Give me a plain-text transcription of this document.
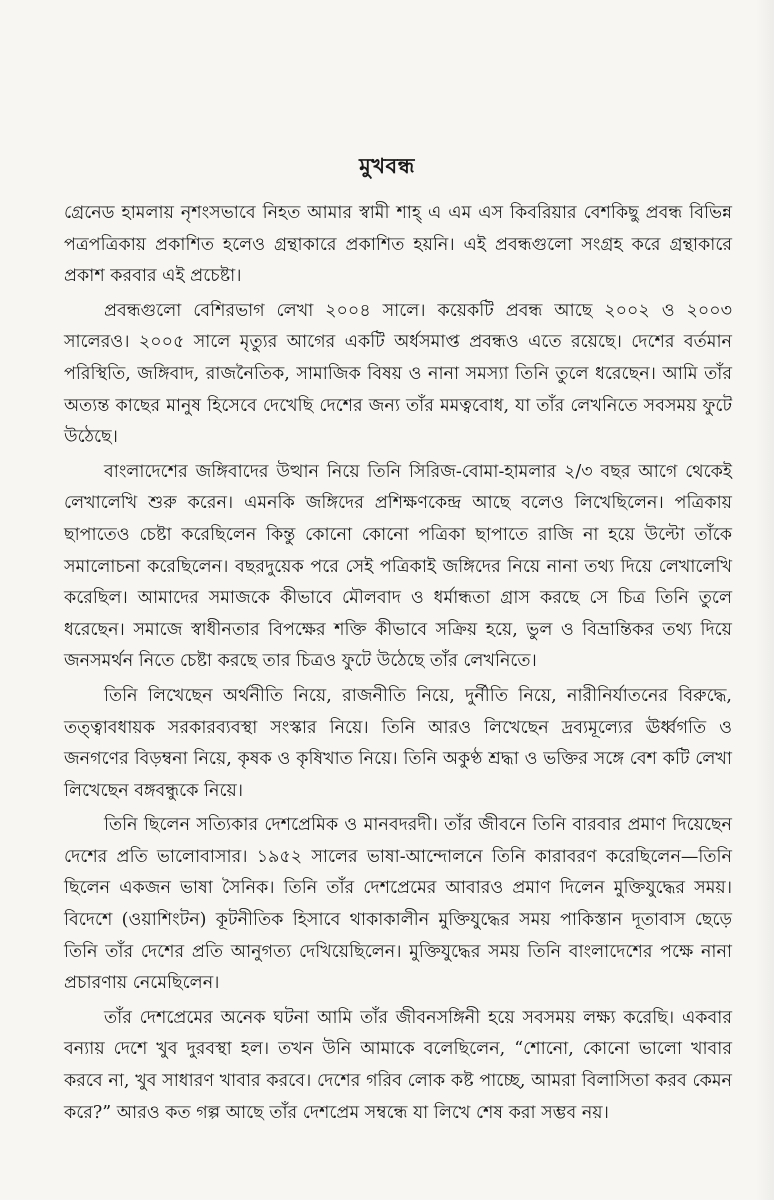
মুখবন্ধ

গ্রেনেড হামলায় নৃশংসভাবে নিহত আমার স্বামী শাহ্‌ এ এম এস কিবরিয়ার বেশকিছু প্রবন্ধ বিভিন্ন পত্রপত্রিকায় প্রকাশিত হলেও গ্রন্থাকারে প্রকাশিত হয়নি। এই প্রবন্ধগুলো সংগ্রহ করে গ্রন্থাকারে প্রকাশ করবার এই প্রচেষ্টা।

প্রবন্ধগুলো বেশিরভাগ লেখা ২০০৪ সালে। কয়েকটি প্রবন্ধ আছে ২০০২ ও ২০০৩ সালেরও। ২০০৫ সালে মৃত্যুর আগের একটি অর্ধসমাপ্ত প্রবন্ধও এতে রয়েছে। দেশের বর্তমান পরিস্থিতি, জঙ্গিবাদ, রাজনৈতিক, সামাজিক বিষয় ও নানা সমস্যা তিনি তুলে ধরেছেন। আমি তাঁর অত্যন্ত কাছের মানুষ হিসেবে দেখেছি দেশের জন্য তাঁর মমত্ববোধ, যা তাঁর লেখনিতে সবসময় ফুটে উঠেছে।

বাংলাদেশের জঙ্গিবাদের উত্থান নিয়ে তিনি সিরিজ-বোমা-হামলার ২/৩ বছর আগে থেকেই লেখালেখি শুরু করেন। এমনকি জঙ্গিদের প্রশিক্ষণকেন্দ্র আছে বলেও লিখেছিলেন। পত্রিকায় ছাপাতেও চেষ্টা করেছিলেন কিন্তু কোনো কোনো পত্রিকা ছাপাতে রাজি না হয়ে উল্টো তাঁকে সমালোচনা করেছিলেন। বছরদুয়েক পরে সেই পত্রিকাই জঙ্গিদের নিয়ে নানা তথ্য দিয়ে লেখালেখি করেছিল। আমাদের সমাজকে কীভাবে মৌলবাদ ও ধর্মান্ধতা গ্রাস করছে সে চিত্র তিনি তুলে ধরেছেন। সমাজে স্বাধীনতার বিপক্ষের শক্তি কীভাবে সক্রিয় হয়ে, ভুল ও বিভ্রান্তিকর তথ্য দিয়ে জনসমর্থন নিতে চেষ্টা করছে তার চিত্রও ফুটে উঠেছে তাঁর লেখনিতে।

তিনি লিখেছেন অর্থনীতি নিয়ে, রাজনীতি নিয়ে, দুর্নীতি নিয়ে, নারীনির্যাতনের বিরুদ্ধে, তত্ত্বাবধায়ক সরকারব্যবস্থা সংস্কার নিয়ে। তিনি আরও লিখেছেন দ্রব্যমূল্যের ঊর্ধ্বগতি ও জনগণের বিড়ম্বনা নিয়ে, কৃষক ও কৃষিখাত নিয়ে। তিনি অকুণ্ঠ শ্রদ্ধা ও ভক্তির সঙ্গে বেশ কটি লেখা লিখেছেন বঙ্গবন্ধুকে নিয়ে।

তিনি ছিলেন সত্যিকার দেশপ্রেমিক ও মানবদরদী। তাঁর জীবনে তিনি বারবার প্রমাণ দিয়েছেন দেশের প্রতি ভালোবাসার। ১৯৫২ সালের ভাষা-আন্দোলনে তিনি কারাবরণ করেছিলেন—তিনি ছিলেন একজন ভাষা সৈনিক। তিনি তাঁর দেশপ্রেমের আবারও প্রমাণ দিলেন মুক্তিযুদ্ধের সময়। বিদেশে (ওয়াশিংটন) কূটনীতিক হিসাবে থাকাকালীন মুক্তিযুদ্ধের সময় পাকিস্তান দূতাবাস ছেড়ে তিনি তাঁর দেশের প্রতি আনুগত্য দেখিয়েছিলেন। মুক্তিযুদ্ধের সময় তিনি বাংলাদেশের পক্ষে নানা প্রচারণায় নেমেছিলেন।

তাঁর দেশপ্রেমের অনেক ঘটনা আমি তাঁর জীবনসঙ্গিনী হয়ে সবসময় লক্ষ্য করেছি। একবার বন্যায় দেশে খুব দুরবস্থা হল। তখন উনি আমাকে বলেছিলেন, “শোনো, কোনো ভালো খাবার করবে না, খুব সাধারণ খাবার করবে। দেশের গরিব লোক কষ্ট পাচ্ছে, আমরা বিলাসিতা করব কেমন করে?” আরও কত গল্প আছে তাঁর দেশপ্রেম সম্বন্ধে যা লিখে শেষ করা সম্ভব নয়।
